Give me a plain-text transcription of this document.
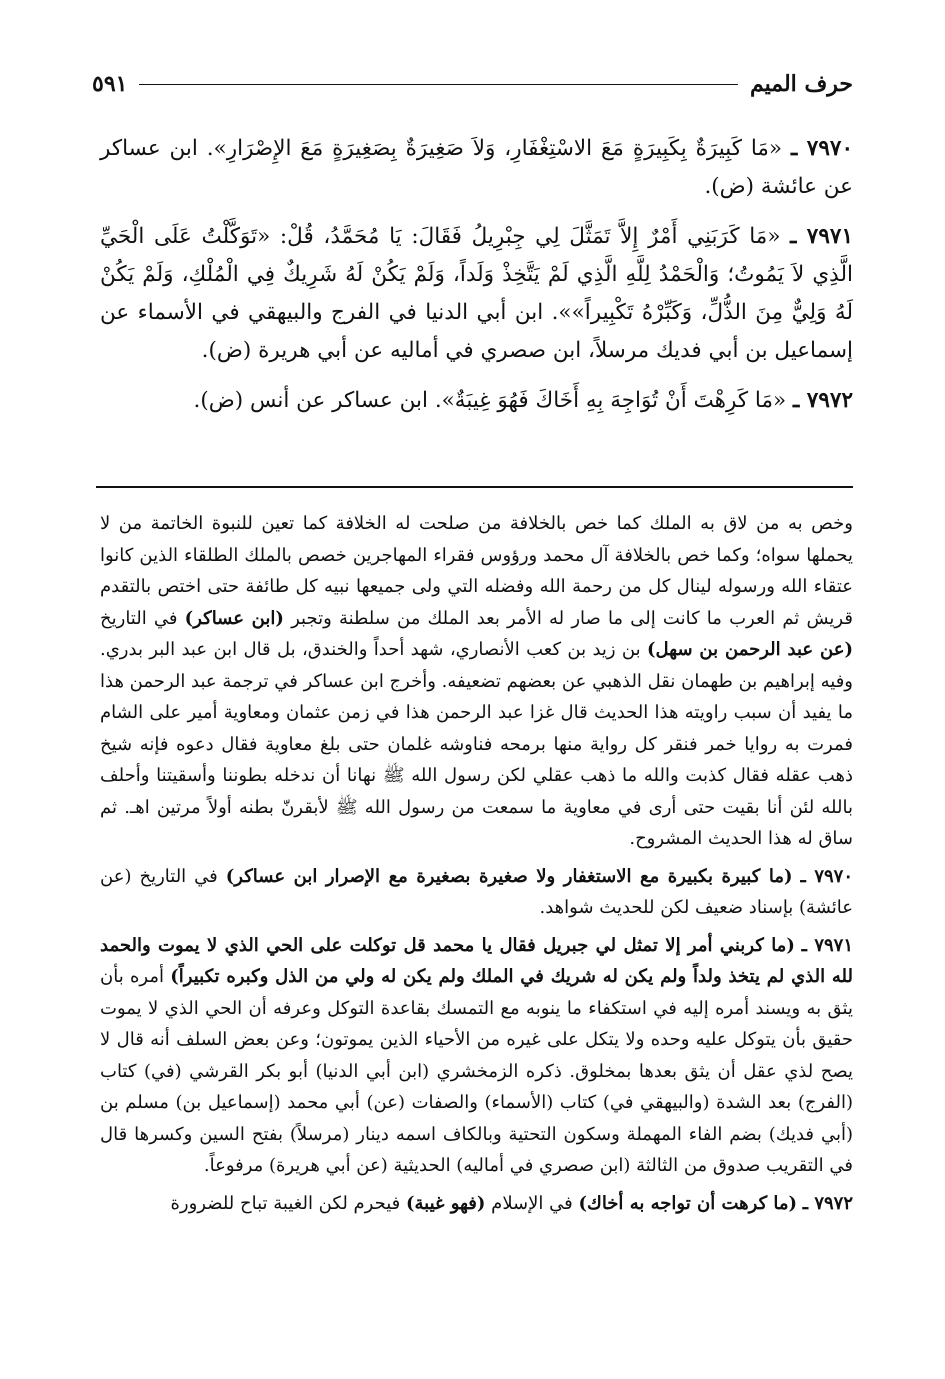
حرف الميم
٥٩١

٧٩٧٠ ـ «مَا كَبِيرَةٌ بِكَبِيرَةٍ مَعَ الاسْتِغْفَارِ، وَلاَ صَغِيرَةٌ بِصَغِيرَةٍ مَعَ الإِصْرَارِ». ابن عساكر عن عائشة (ض).

٧٩٧١ ـ «مَا كَرَبَنِي أَمْرٌ إِلاَّ تَمَثَّلَ لِي جِبْرِيلُ فَقَالَ: يَا مُحَمَّدُ، قُلْ: «تَوَكَّلْتُ عَلَى الْحَيِّ الَّذِي لاَ يَمُوتُ؛ وَالْحَمْدُ لِلَّهِ الَّذِي لَمْ يَتَّخِذْ وَلَداً، وَلَمْ يَكُنْ لَهُ شَرِيكٌ فِي الْمُلْكِ، وَلَمْ يَكُنْ لَهُ وَلِيٌّ مِنَ الذُّلِّ، وَكَبِّرْهُ تَكْبِيراً»». ابن أبي الدنيا في الفرج والبيهقي في الأسماء عن إسماعيل بن أبي فديك مرسلاً، ابن صصري في أماليه عن أبي هريرة (ض).

٧٩٧٢ ـ «مَا كَرِهْتَ أَنْ تُوَاجِهَ بِهِ أَخَاكَ فَهُوَ غِيبَةٌ». ابن عساكر عن أنس (ض).

وخص به من لاق به الملك كما خص بالخلافة من صلحت له الخلافة كما تعين للنبوة الخاتمة من لا يحملها سواه؛ وكما خص بالخلافة آل محمد ورؤوس فقراء المهاجرين خصص بالملك الطلقاء الذين كانوا عتقاء الله ورسوله لينال كل من رحمة الله وفضله التي ولى جميعها نبيه كل طائفة حتى اختص بالتقدم قريش ثم العرب ما كانت إلى ما صار له الأمر بعد الملك من سلطنة وتجبر (ابن عساكر) في التاريخ (عن عبد الرحمن بن سهل) بن زيد بن كعب الأنصاري، شهد أحداً والخندق، بل قال ابن عبد البر بدري. وفيه إبراهيم بن طهمان نقل الذهبي عن بعضهم تضعيفه. وأخرج ابن عساكر في ترجمة عبد الرحمن هذا ما يفيد أن سبب راويته هذا الحديث قال غزا عبد الرحمن هذا في زمن عثمان ومعاوية أمير على الشام فمرت به روايا خمر فنقر كل رواية منها برمحه فناوشه غلمان حتى بلغ معاوية فقال دعوه فإنه شيخ ذهب عقله فقال كذبت والله ما ذهب عقلي لكن رسول الله ﷺ نهانا أن ندخله بطوننا وأسقيتنا وأحلف بالله لئن أنا بقيت حتى أرى في معاوية ما سمعت من رسول الله ﷺ لأبقرنّ بطنه أولاً مرتين اهـ. ثم ساق له هذا الحديث المشروح.

٧٩٧٠ ـ (ما كبيرة بكبيرة مع الاستغفار ولا صغيرة بصغيرة مع الإصرار ابن عساكر) في التاريخ (عن عائشة) بإسناد ضعيف لكن للحديث شواهد.

٧٩٧١ ـ (ما كربني أمر إلا تمثل لي جبريل فقال يا محمد قل توكلت على الحي الذي لا يموت والحمد لله الذي لم يتخذ ولداً ولم يكن له شريك في الملك ولم يكن له ولي من الذل وكبره تكبيراً) أمره بأن يثق به ويسند أمره إليه في استكفاء ما ينوبه مع التمسك بقاعدة التوكل وعرفه أن الحي الذي لا يموت حقيق بأن يتوكل عليه وحده ولا يتكل على غيره من الأحياء الذين يموتون؛ وعن بعض السلف أنه قال لا يصح لذي عقل أن يثق بعدها بمخلوق. ذكره الزمخشري (ابن أبي الدنيا) أبو بكر القرشي (في) كتاب (الفرج) بعد الشدة (والبيهقي في) كتاب (الأسماء) والصفات (عن) أبي محمد (إسماعيل بن) مسلم بن (أبي فديك) بضم الفاء المهملة وسكون التحتية وبالكاف اسمه دينار (مرسلاً) بفتح السين وكسرها قال في التقريب صدوق من الثالثة (ابن صصري في أماليه) الحديثية (عن أبي هريرة) مرفوعاً.

٧٩٧٢ ـ (ما كرهت أن تواجه به أخاك) في الإسلام (فهو غيبة) فيحرم لكن الغيبة تباح للضرورة
